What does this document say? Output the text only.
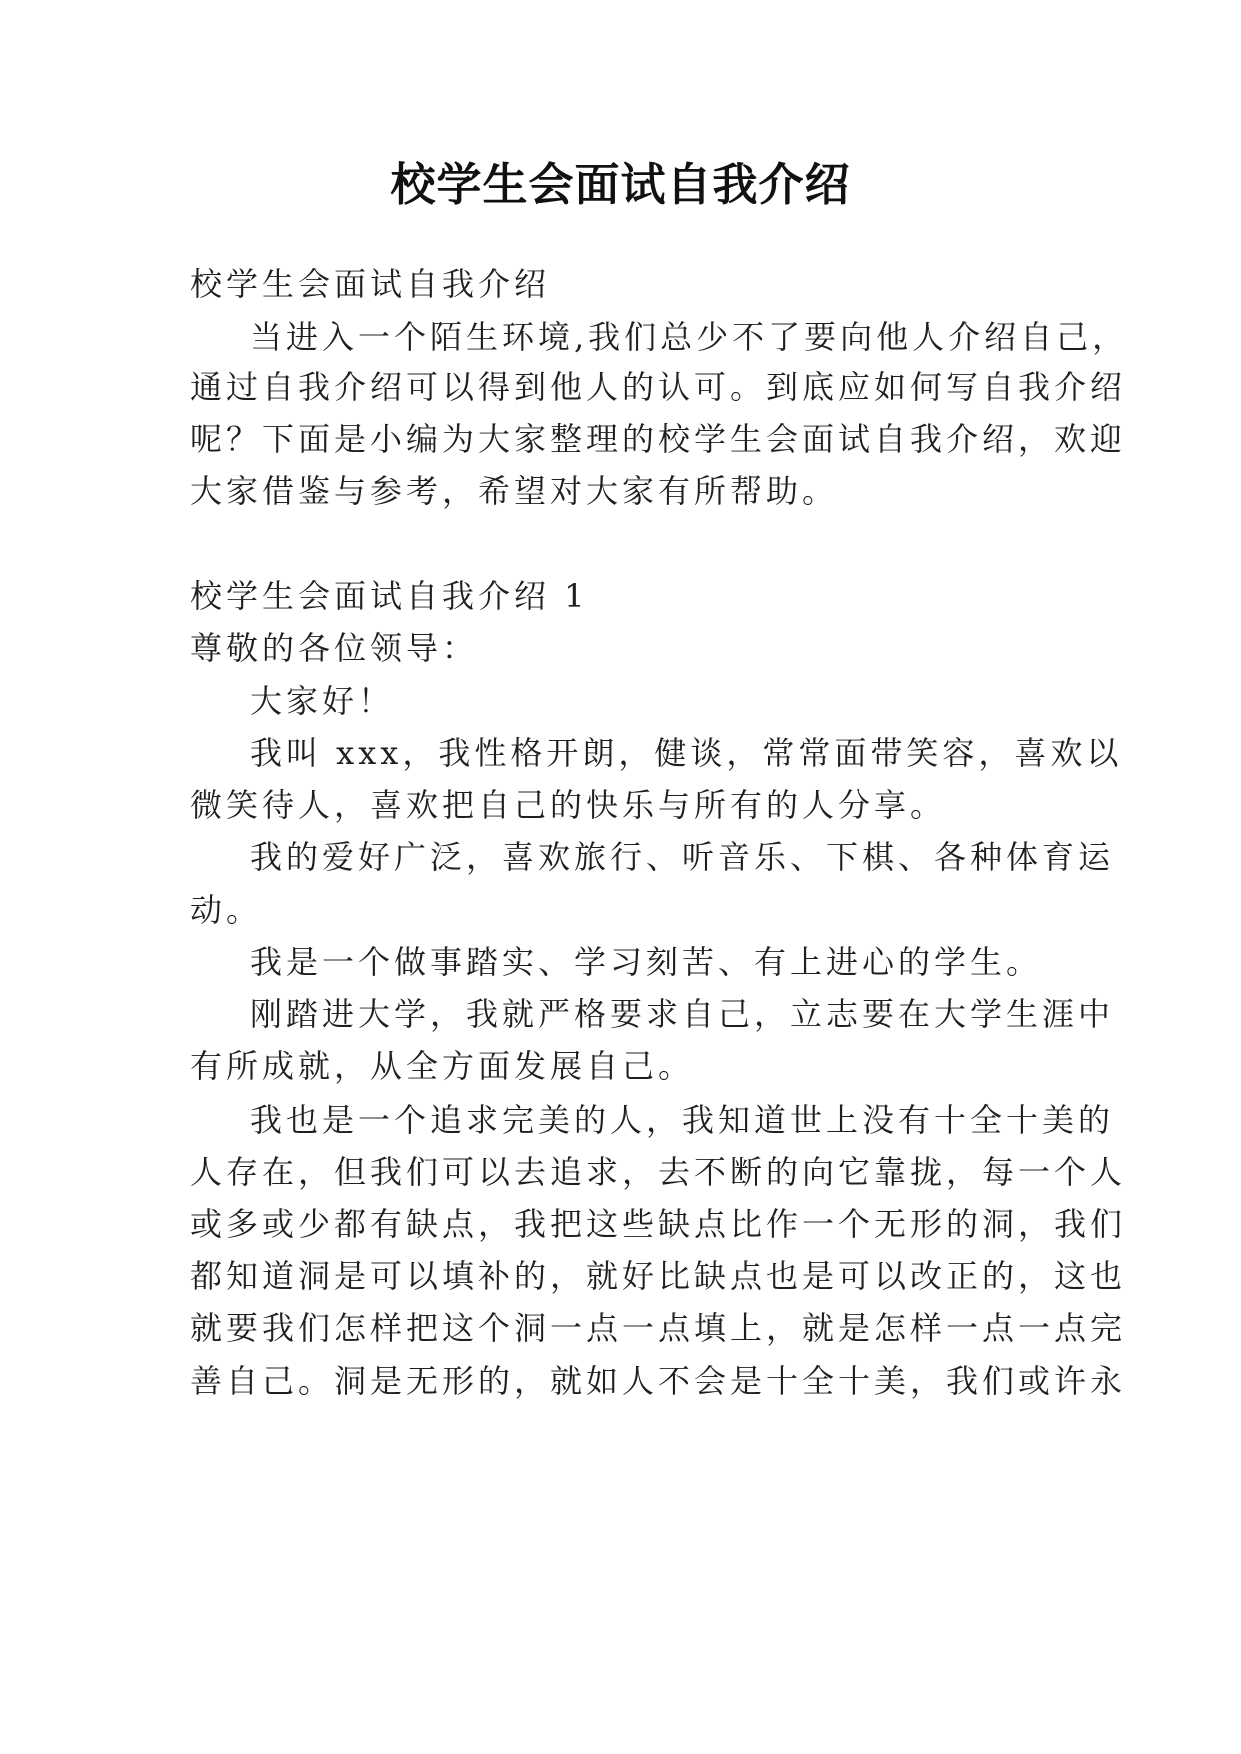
校学生会面试自我介绍
校学生会面试自我介绍
当进入一个陌生环境,我们总少不了要向他人介绍自己，
通过自我介绍可以得到他人的认可。到底应如何写自我介绍
呢？下面是小编为大家整理的校学生会面试自我介绍，欢迎
大家借鉴与参考，希望对大家有所帮助。
校学生会面试自我介绍 1
尊敬的各位领导：
大家好！
我叫 xxx，我性格开朗，健谈，常常面带笑容，喜欢以
微笑待人，喜欢把自己的快乐与所有的人分享。
我的爱好广泛，喜欢旅行、听音乐、下棋、各种体育运
动。
我是一个做事踏实、学习刻苦、有上进心的学生。
刚踏进大学，我就严格要求自己，立志要在大学生涯中
有所成就，从全方面发展自己。
我也是一个追求完美的人，我知道世上没有十全十美的
人存在，但我们可以去追求，去不断的向它靠拢，每一个人
或多或少都有缺点，我把这些缺点比作一个无形的洞，我们
都知道洞是可以填补的，就好比缺点也是可以改正的，这也
就要我们怎样把这个洞一点一点填上，就是怎样一点一点完
善自己。洞是无形的，就如人不会是十全十美，我们或许永
